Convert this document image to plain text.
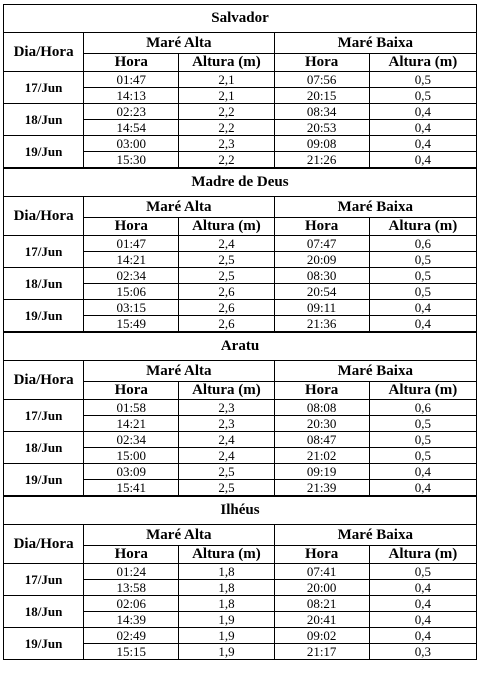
Salvador				
Dia/Hora	Maré Alta		Maré Baixa	
	Hora	Altura (m)	Hora	Altura (m)
17/Jun	01:47	2,1	07:56	0,5
	14:13	2,1	20:15	0,5
18/Jun	02:23	2,2	08:34	0,4
	14:54	2,2	20:53	0,4
19/Jun	03:00	2,3	09:08	0,4
	15:30	2,2	21:26	0,4
Madre de Deus				
Dia/Hora	Maré Alta		Maré Baixa	
	Hora	Altura (m)	Hora	Altura (m)
17/Jun	01:47	2,4	07:47	0,6
	14:21	2,5	20:09	0,5
18/Jun	02:34	2,5	08:30	0,5
	15:06	2,6	20:54	0,5
19/Jun	03:15	2,6	09:11	0,4
	15:49	2,6	21:36	0,4
Aratu				
Dia/Hora	Maré Alta		Maré Baixa	
	Hora	Altura (m)	Hora	Altura (m)
17/Jun	01:58	2,3	08:08	0,6
	14:21	2,3	20:30	0,5
18/Jun	02:34	2,4	08:47	0,5
	15:00	2,4	21:02	0,5
19/Jun	03:09	2,5	09:19	0,4
	15:41	2,5	21:39	0,4
Ilhéus				
Dia/Hora	Maré Alta		Maré Baixa	
	Hora	Altura (m)	Hora	Altura (m)
17/Jun	01:24	1,8	07:41	0,5
	13:58	1,8	20:00	0,4
18/Jun	02:06	1,8	08:21	0,4
	14:39	1,9	20:41	0,4
19/Jun	02:49	1,9	09:02	0,4
	15:15	1,9	21:17	0,3
